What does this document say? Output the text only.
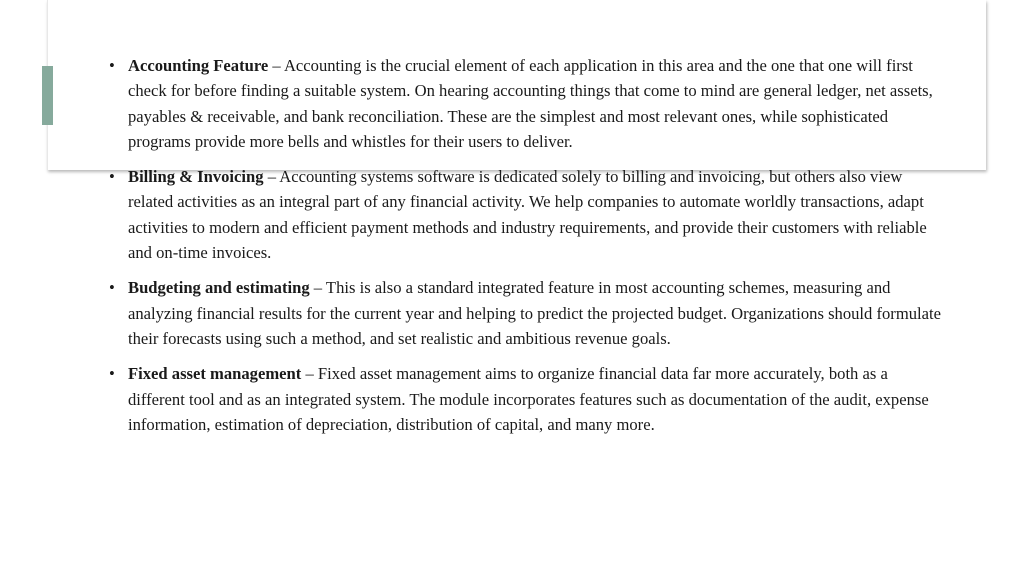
• Accounting Feature – Accounting is the crucial element of each application in this area and the one that one will first check for before finding a suitable system. On hearing accounting things that come to mind are general ledger, net assets, payables & receivable, and bank reconciliation. These are the simplest and most relevant ones, while sophisticated programs provide more bells and whistles for their users to deliver.
• Billing & Invoicing – Accounting systems software is dedicated solely to billing and invoicing, but others also view related activities as an integral part of any financial activity. We help companies to automate worldly transactions, adapt activities to modern and efficient payment methods and industry requirements, and provide their customers with reliable and on-time invoices.
• Budgeting and estimating – This is also a standard integrated feature in most accounting schemes, measuring and analyzing financial results for the current year and helping to predict the projected budget. Organizations should formulate their forecasts using such a method, and set realistic and ambitious revenue goals.
• Fixed asset management – Fixed asset management aims to organize financial data far more accurately, both as a different tool and as an integrated system. The module incorporates features such as documentation of the audit, expense information, estimation of depreciation, distribution of capital, and many more.
